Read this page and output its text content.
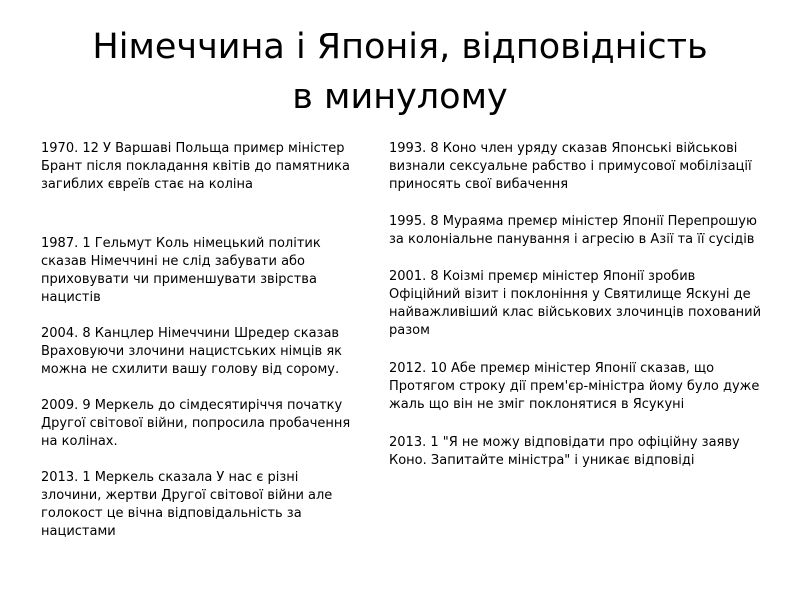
Німеччина і Японія, відповідність
в минулому

1970. 12 У Варшаві Польща примєр міністер Брант після покладання квітів до памятника загиблих євреїв стає на коліна

1987. 1 Гельмут Коль німецький політик сказав Німеччині не слід забувати або приховувати чи применшувати звірства нацистів

2004. 8 Канцлер Німеччини Шредер сказав Враховуючи злочини нацистських німців як можна не схилити вашу голову від сорому.

2009. 9 Меркель до сімдесятиріччя початку Другої світової війни, попросила пробачення на колінах.

2013. 1 Меркель сказала У нас є різні злочини, жертви Другої світової війни але голокост це вічна відповідальність за нацистами

1993. 8 Коно член уряду сказав Японські військові визнали сексуальне рабство і примусової мобілізації приносять свої вибачення

1995. 8 Мураяма премєр міністер Японії Перепрошую за колоніальне панування і агресію в Азії та її сусідів

2001. 8 Коізмі премєр міністер Японії зробив Офіційний візит і поклоніння у Святилище Яскуні де найважливіший клас військових злочинців похований разом

2012. 10 Абе премєр міністер Японії сказав, що Протягом строку дії прем'єр-міністра йому було дуже жаль що він не зміг поклонятися в Ясукуні

2013. 1 "Я не можу відповідати про офіційну заяву Коно. Запитайте міністра" і уникає відповіді
